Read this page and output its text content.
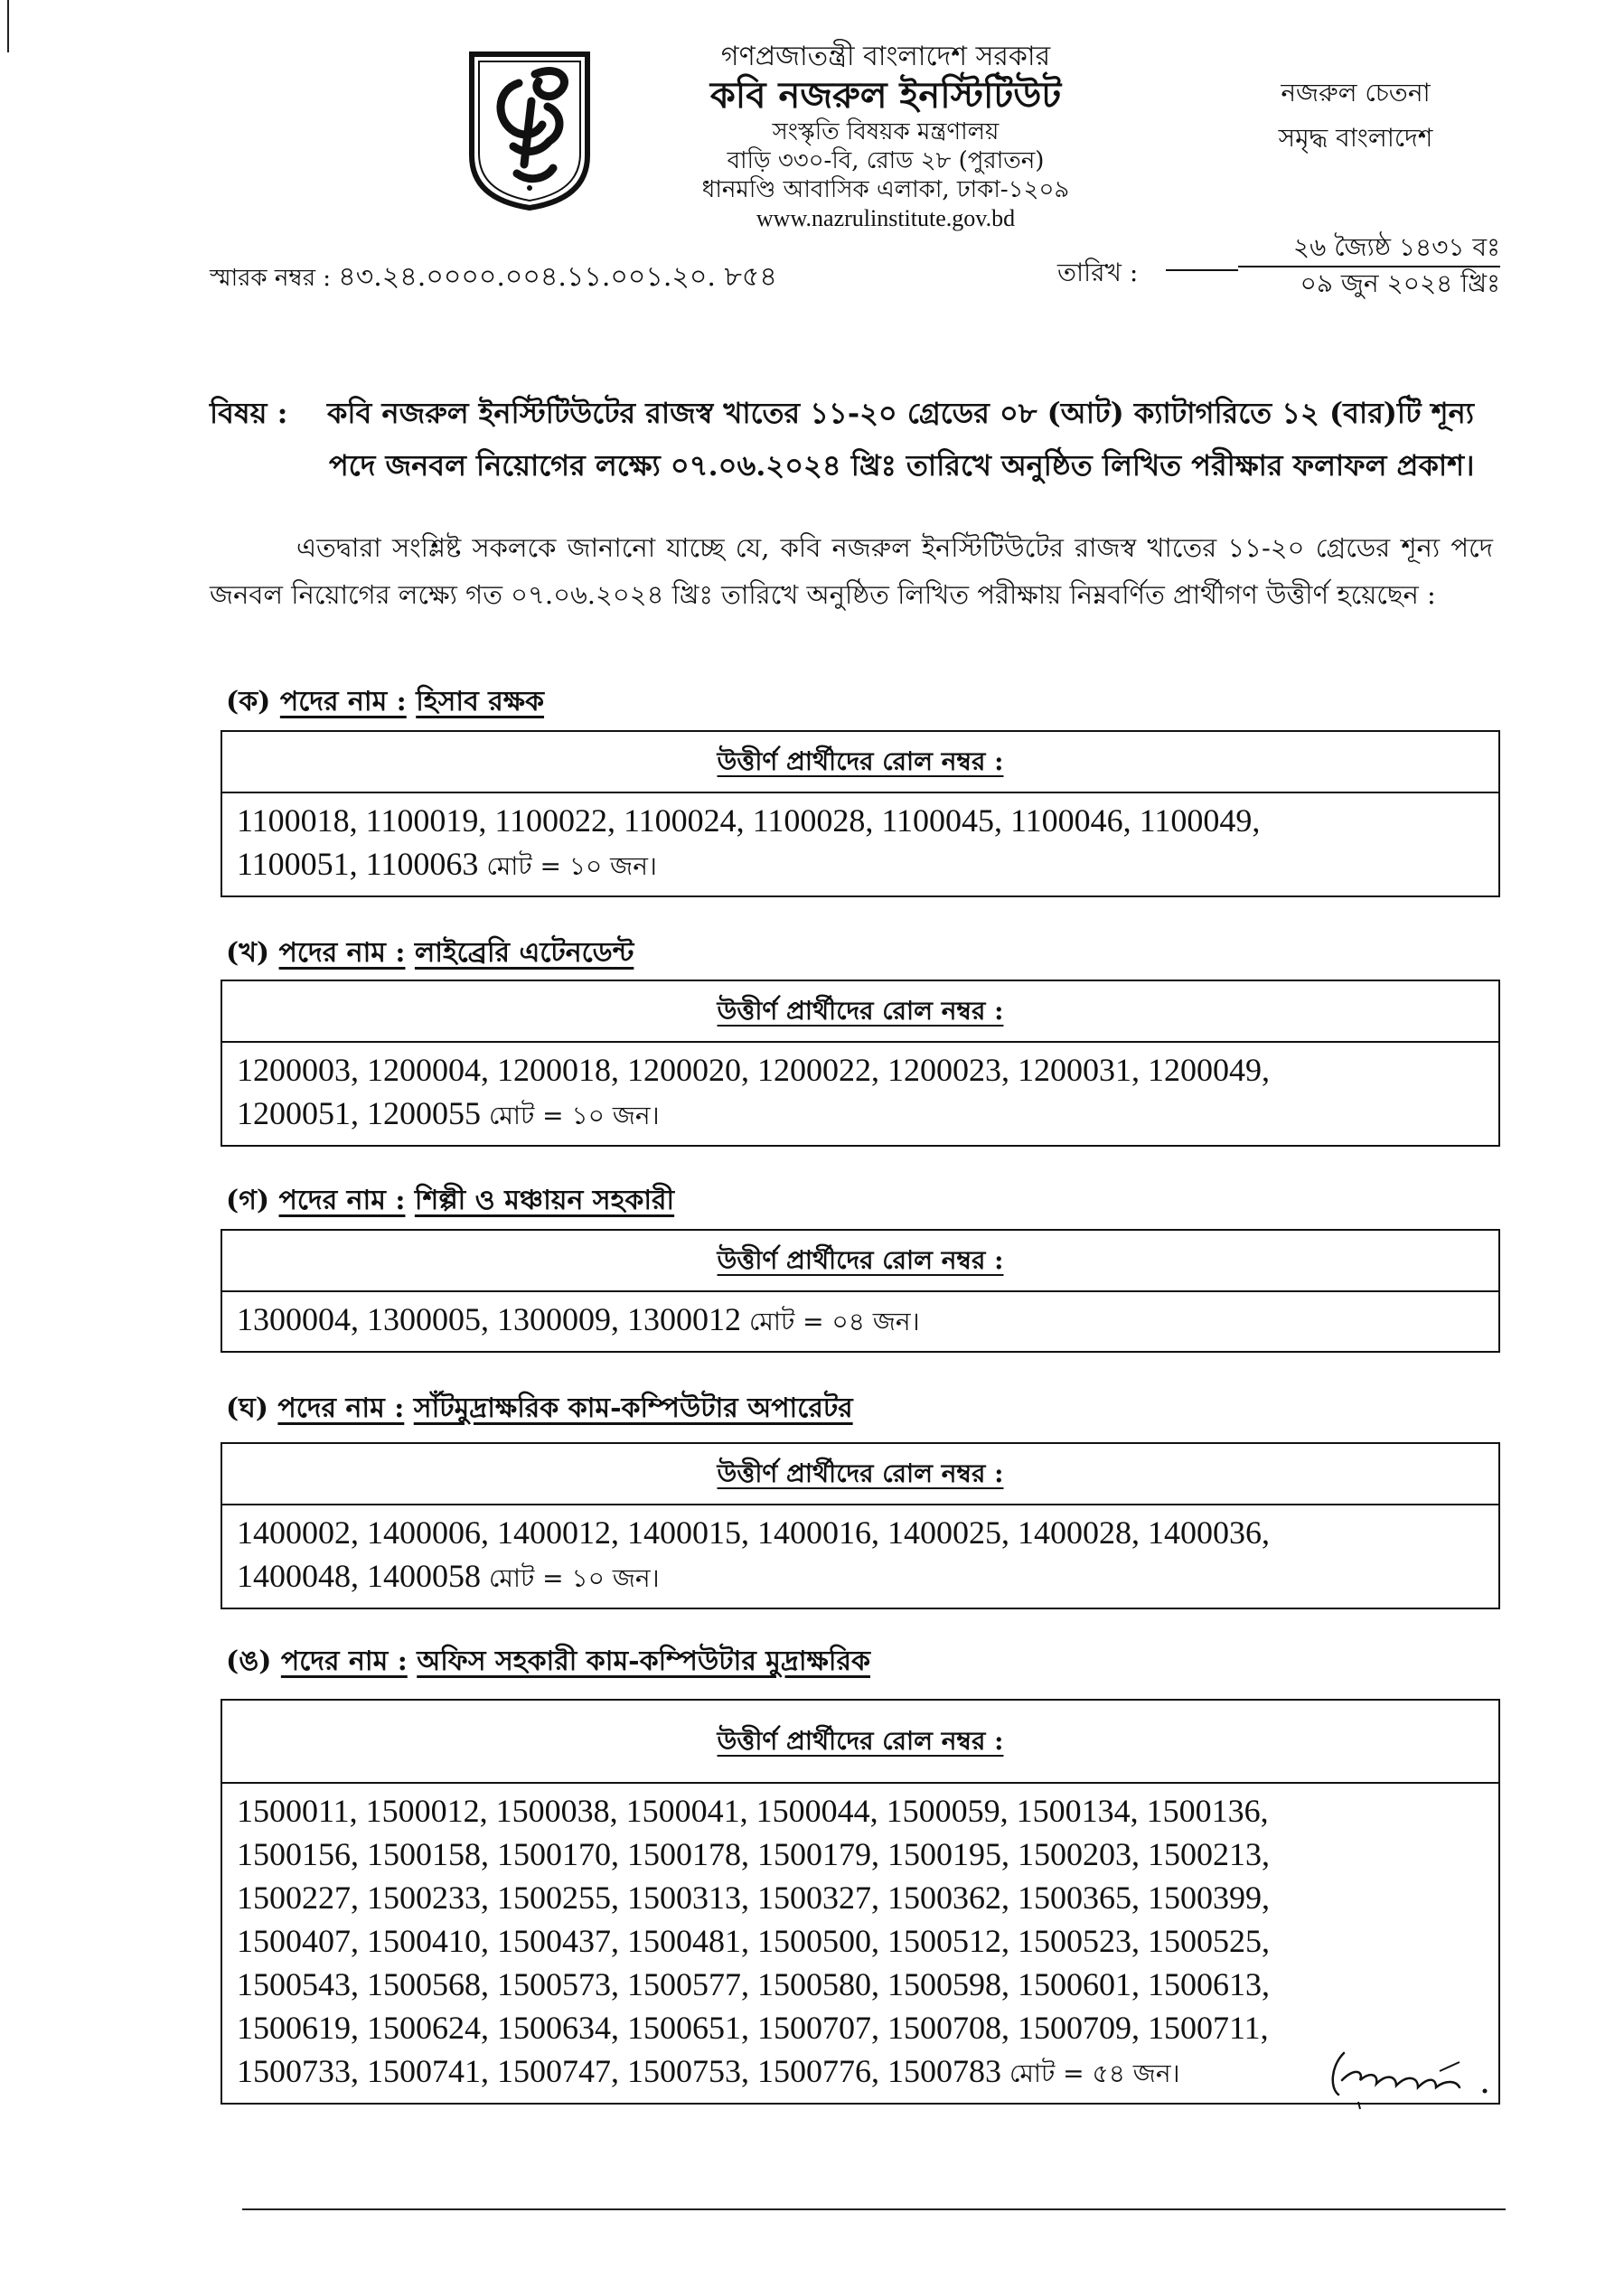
গণপ্রজাতন্ত্রী বাংলাদেশ সরকার
কবি নজরুল ইনস্টিটিউট
সংস্কৃতি বিষয়ক মন্ত্রণালয়
বাড়ি ৩৩০-বি, রোড ২৮ (পুরাতন)
ধানমণ্ডি আবাসিক এলাকা, ঢাকা-১২০৯
www.nazrulinstitute.gov.bd
নজরুল চেতনা
সমৃদ্ধ বাংলাদেশ
স্মারক নম্বর : ৪৩.২৪.০০০০.০০৪.১১.০০১.২০. ৮৫৪	তারিখ :
২৬ জ্যৈষ্ঠ ১৪৩১ বঃ
০৯ জুন ২০২৪ খ্রিঃ
বিষয় : কবি নজরুল ইনস্টিটিউটের রাজস্ব খাতের ১১-২০ গ্রেডের ০৮ (আট) ক্যাটাগরিতে ১২ (বার)টি শূন্য
পদে জনবল নিয়োগের লক্ষ্যে ০৭.০৬.২০২৪ খ্রিঃ তারিখে অনুষ্ঠিত লিখিত পরীক্ষার ফলাফল প্রকাশ।
এতদ্বারা সংশ্লিষ্ট সকলকে জানানো যাচ্ছে যে, কবি নজরুল ইনস্টিটিউটের রাজস্ব খাতের ১১-২০ গ্রেডের শূন্য পদে জনবল নিয়োগের লক্ষ্যে গত ০৭.০৬.২০২৪ খ্রিঃ তারিখে অনুষ্ঠিত লিখিত পরীক্ষায় নিম্নবর্ণিত প্রার্থীগণ উত্তীর্ণ হয়েছেন :
(ক) পদের নাম : হিসাব রক্ষক
উত্তীর্ণ প্রার্থীদের রোল নম্বর :
1100018, 1100019, 1100022, 1100024, 1100028, 1100045, 1100046, 1100049,
1100051, 1100063 মোট = ১০ জন।
(খ) পদের নাম : লাইব্রেরি এটেনডেন্ট
উত্তীর্ণ প্রার্থীদের রোল নম্বর :
1200003, 1200004, 1200018, 1200020, 1200022, 1200023, 1200031, 1200049,
1200051, 1200055 মোট = ১০ জন।
(গ) পদের নাম : শিল্পী ও মঞ্চায়ন সহকারী
উত্তীর্ণ প্রার্থীদের রোল নম্বর :
1300004, 1300005, 1300009, 1300012 মোট = ০৪ জন।
(ঘ) পদের নাম : সাঁটমুদ্রাক্ষরিক কাম-কম্পিউটার অপারেটর
উত্তীর্ণ প্রার্থীদের রোল নম্বর :
1400002, 1400006, 1400012, 1400015, 1400016, 1400025, 1400028, 1400036,
1400048, 1400058 মোট = ১০ জন।
(ঙ) পদের নাম : অফিস সহকারী কাম-কম্পিউটার মুদ্রাক্ষরিক
উত্তীর্ণ প্রার্থীদের রোল নম্বর :
1500011, 1500012, 1500038, 1500041, 1500044, 1500059, 1500134, 1500136,
1500156, 1500158, 1500170, 1500178, 1500179, 1500195, 1500203, 1500213,
1500227, 1500233, 1500255, 1500313, 1500327, 1500362, 1500365, 1500399,
1500407, 1500410, 1500437, 1500481, 1500500, 1500512, 1500523, 1500525,
1500543, 1500568, 1500573, 1500577, 1500580, 1500598, 1500601, 1500613,
1500619, 1500624, 1500634, 1500651, 1500707, 1500708, 1500709, 1500711,
1500733, 1500741, 1500747, 1500753, 1500776, 1500783 মোট = ৫৪ জন।
